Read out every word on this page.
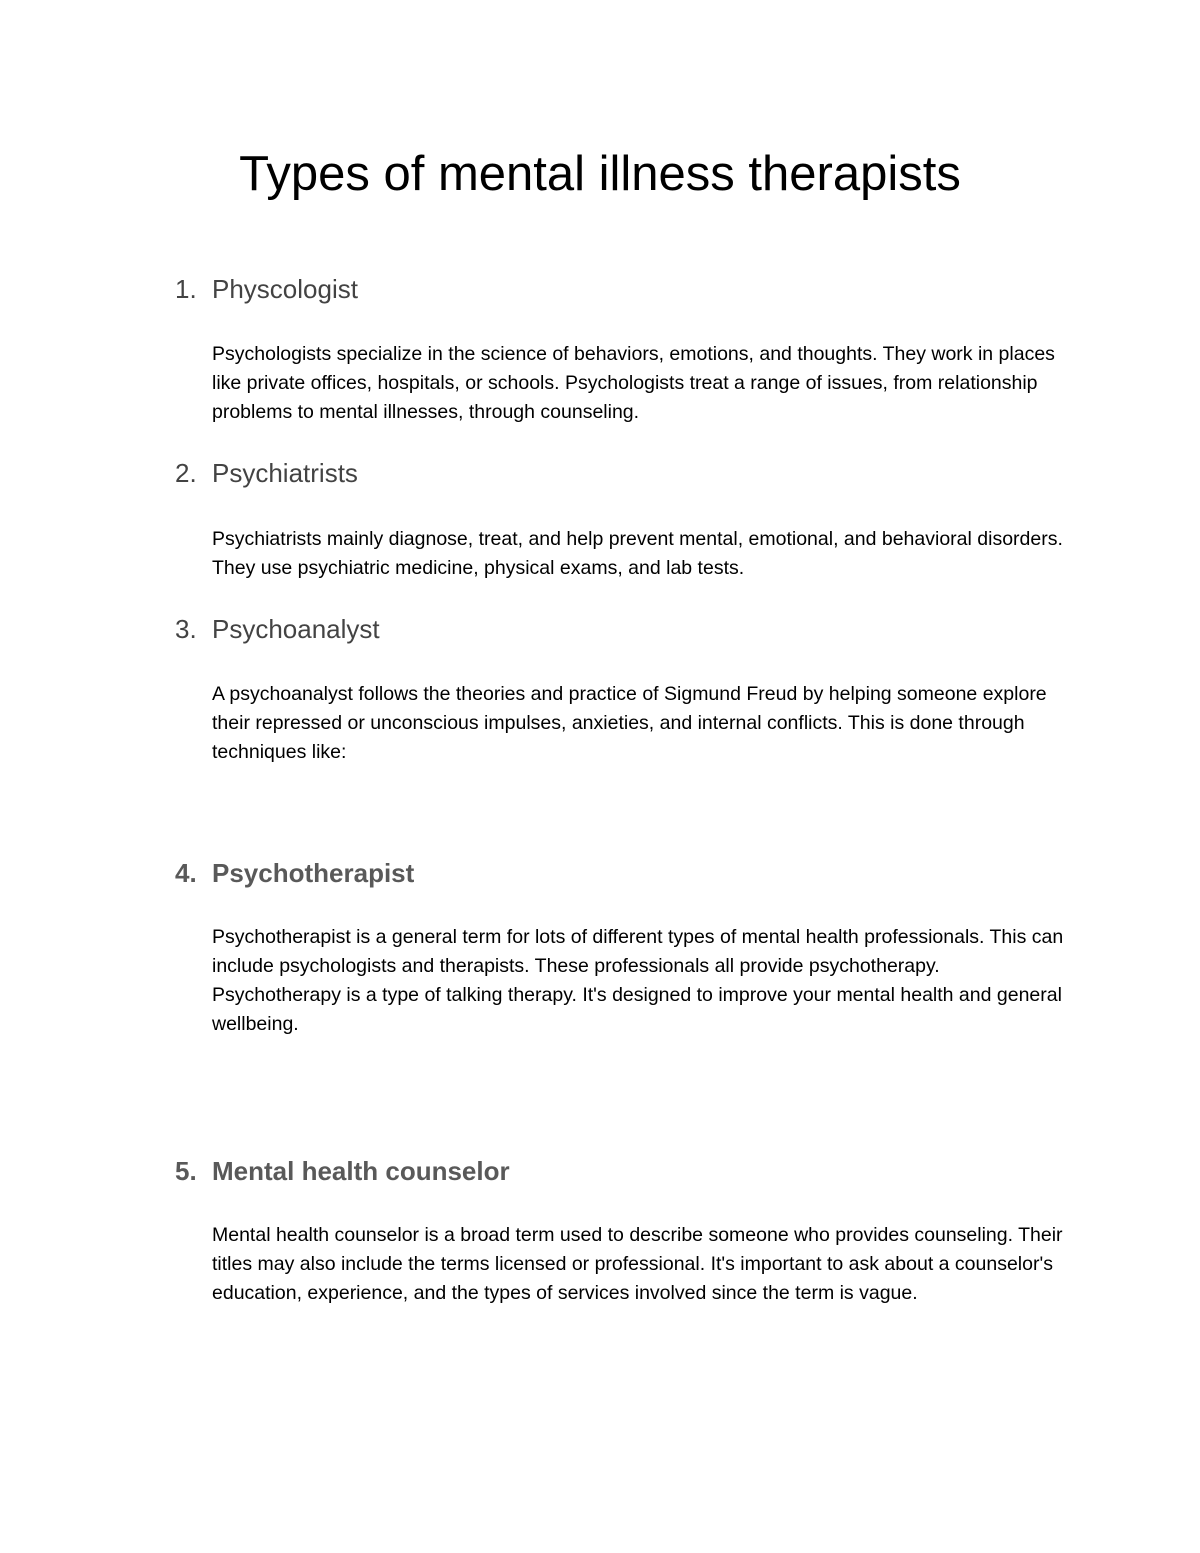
Types of mental illness therapists
1. Physcologist

Psychologists specialize in the science of behaviors, emotions, and thoughts. They work in places like private offices, hospitals, or schools. Psychologists treat a range of issues, from relationship problems to mental illnesses, through counseling.

2. Psychiatrists

Psychiatrists mainly diagnose, treat, and help prevent mental, emotional, and behavioral disorders. They use psychiatric medicine, physical exams, and lab tests.

3. Psychoanalyst

A psychoanalyst follows the theories and practice of Sigmund Freud by helping someone explore their repressed or unconscious impulses, anxieties, and internal conflicts. This is done through techniques like:

4. Psychotherapist

Psychotherapist is a general term for lots of different types of mental health professionals. This can include psychologists and therapists. These professionals all provide psychotherapy. Psychotherapy is a type of talking therapy. It's designed to improve your mental health and general wellbeing.

5. Mental health counselor

Mental health counselor is a broad term used to describe someone who provides counseling. Their titles may also include the terms licensed or professional. It's important to ask about a counselor's education, experience, and the types of services involved since the term is vague.
